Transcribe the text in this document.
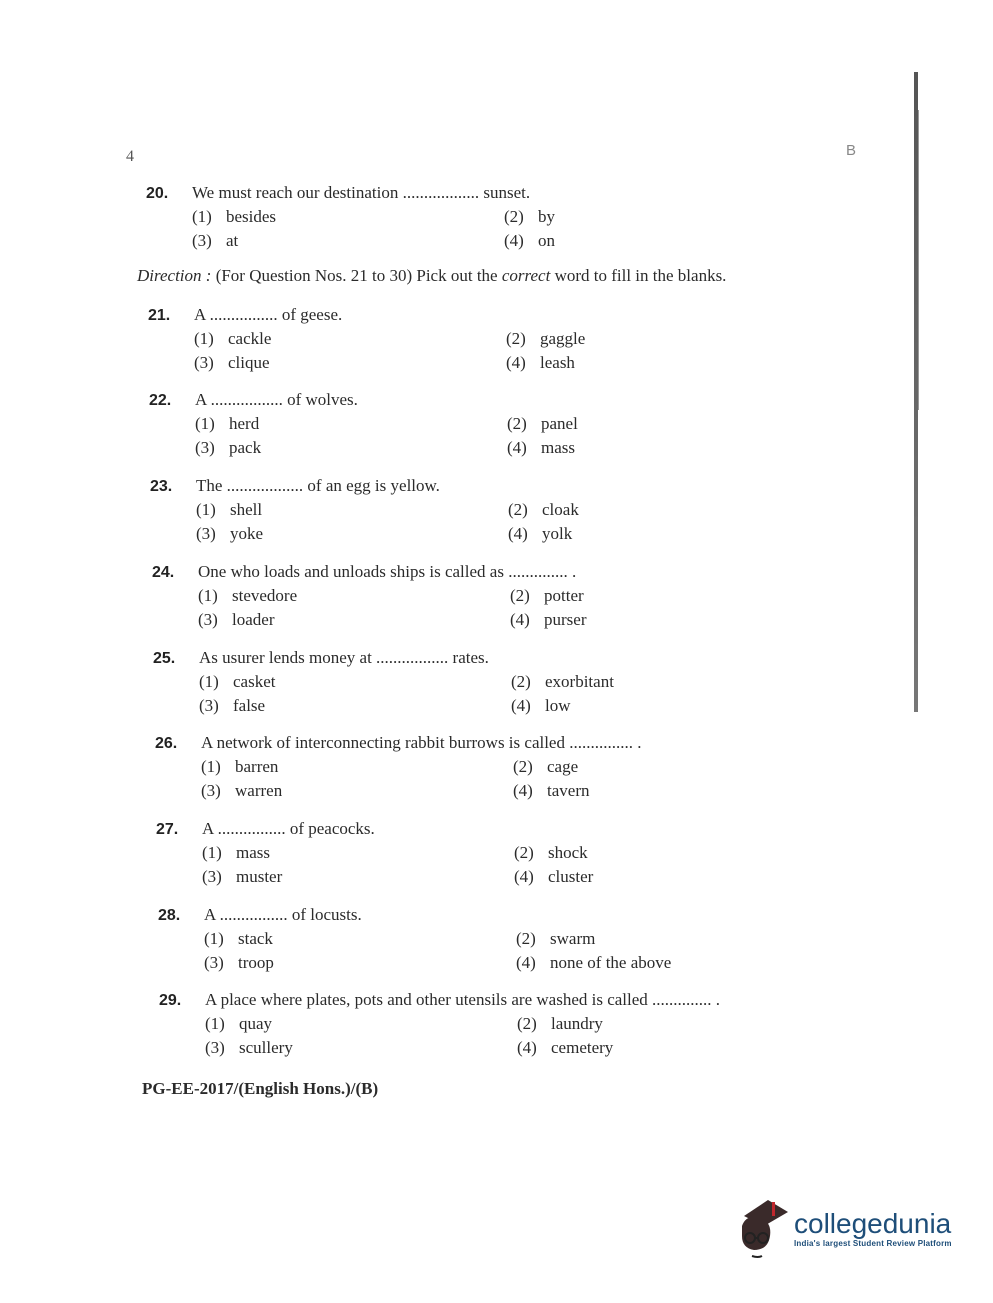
4	B
20.	We must reach our destination .................. sunset.
(1) besides	(2) by
(3) at	(4) on
Direction : (For Question Nos. 21 to 30) Pick out the correct word to fill in the blanks.
21.	A ................ of geese.
(1) cackle	(2) gaggle
(3) clique	(4) leash
22.	A ................. of wolves.
(1) herd	(2) panel
(3) pack	(4) mass
23.	The .................. of an egg is yellow.
(1) shell	(2) cloak
(3) yoke	(4) yolk
24.	One who loads and unloads ships is called as .............. .
(1) stevedore	(2) potter
(3) loader	(4) purser
25.	As usurer lends money at ................. rates.
(1) casket	(2) exorbitant
(3) false	(4) low
26.	A network of interconnecting rabbit burrows is called ............... .
(1) barren	(2) cage
(3) warren	(4) tavern
27.	A ................ of peacocks.
(1) mass	(2) shock
(3) muster	(4) cluster
28.	A ................ of locusts.
(1) stack	(2) swarm
(3) troop	(4) none of the above
29.	A place where plates, pots and other utensils are washed is called .............. .
(1) quay	(2) laundry
(3) scullery	(4) cemetery
PG-EE-2017/(English Hons.)/(B)
collegedunia
India's largest Student Review Platform
